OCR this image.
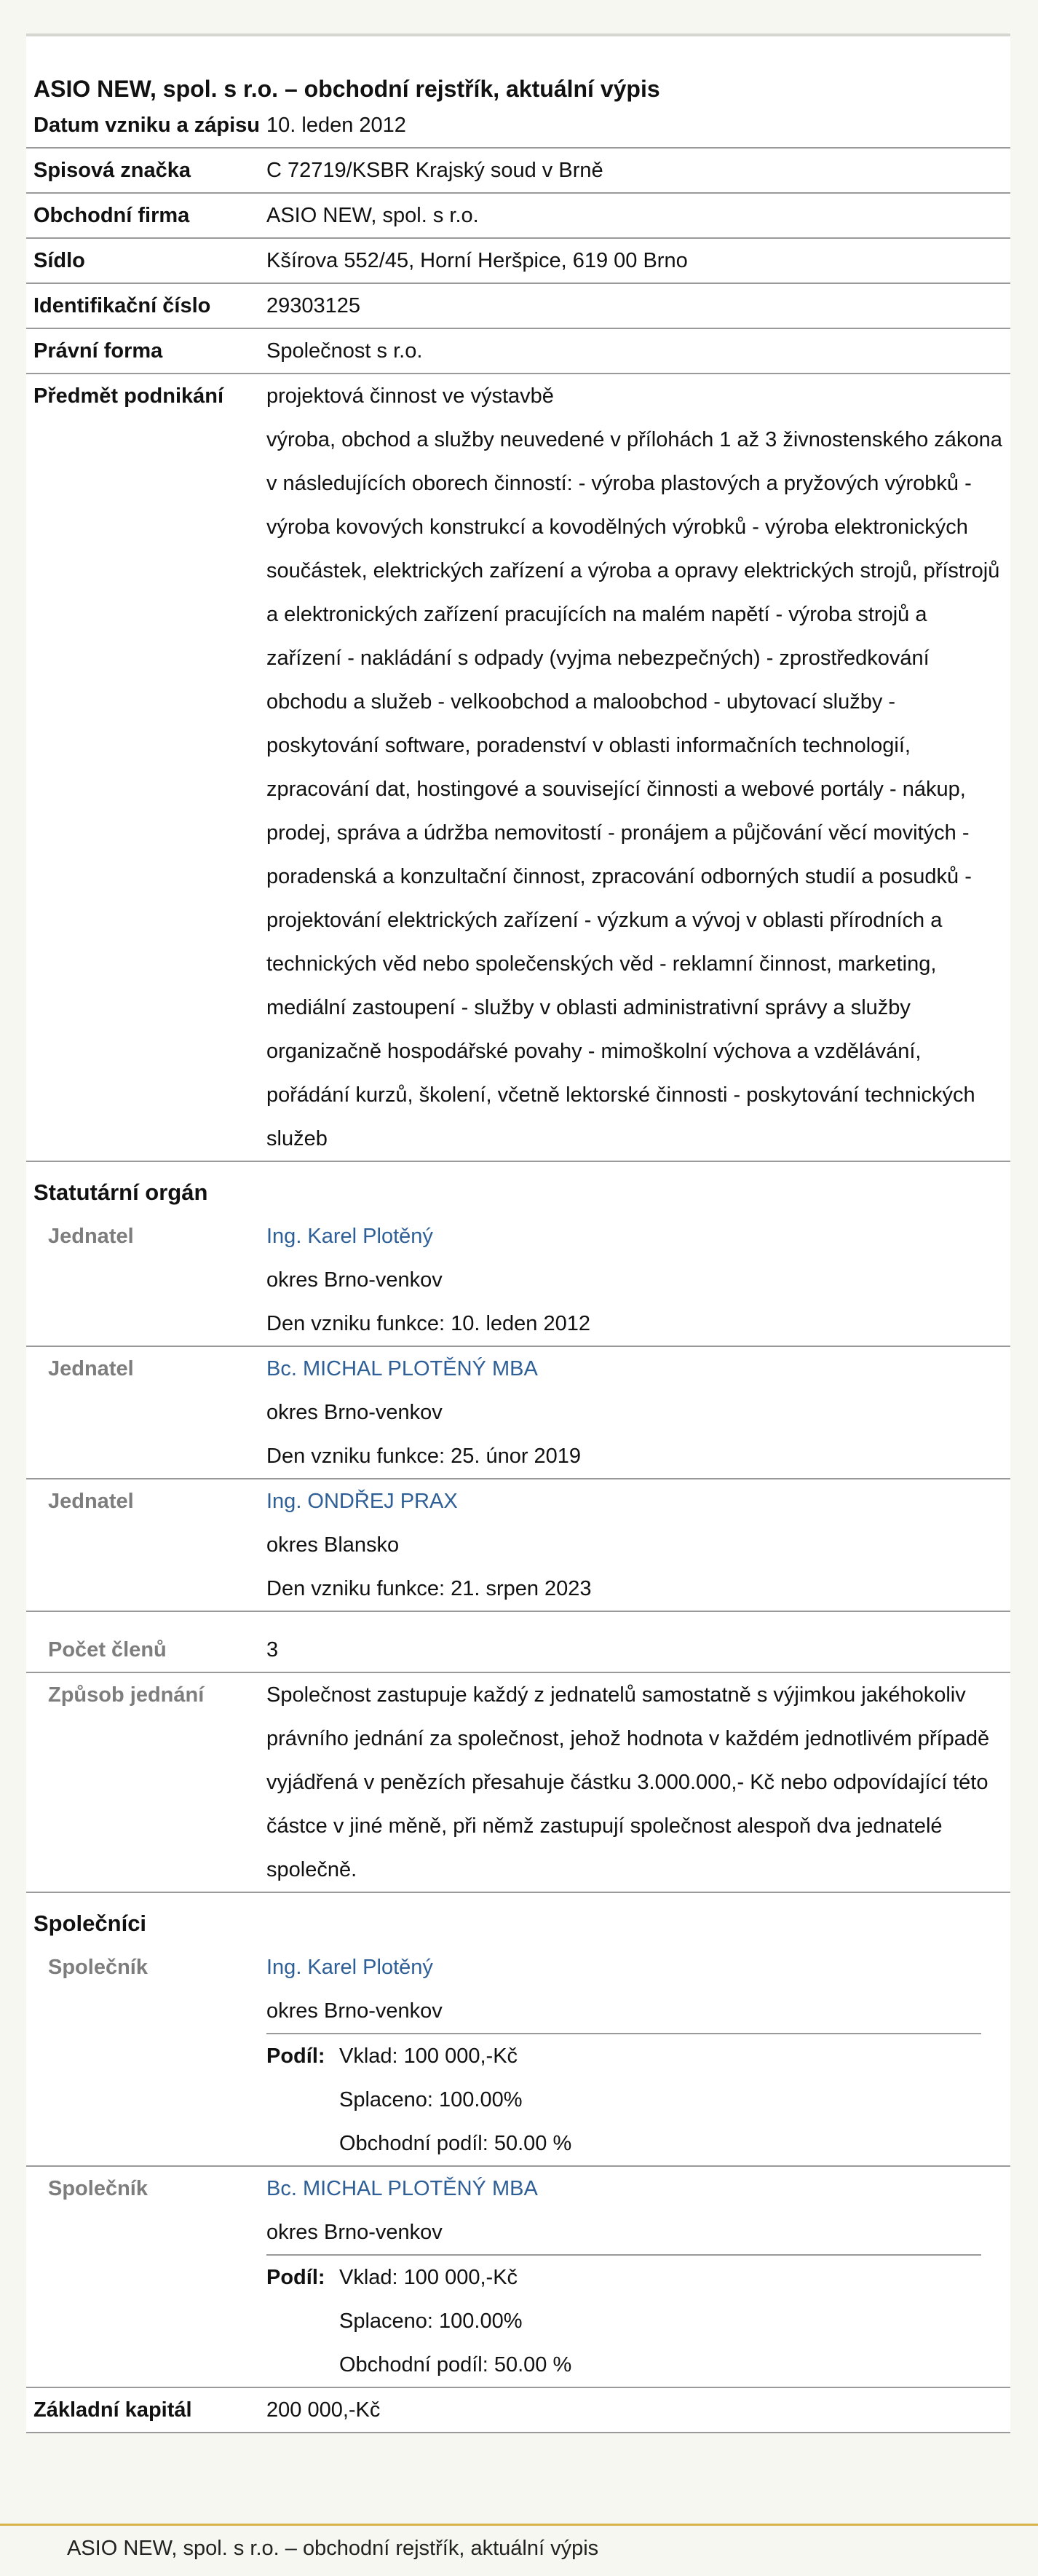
ASIO NEW, spol. s r.o. – obchodní rejstřík, aktuální výpis
Datum vzniku a zápisu 10. leden 2012
Spisová značka	C 72719/KSBR Krajský soud v Brně
Obchodní firma	ASIO NEW, spol. s r.o.
Sídlo	Kšírova 552/45, Horní Heršpice, 619 00 Brno
Identifikační číslo	29303125
Právní forma	Společnost s r.o.
Předmět podnikání	projektová činnost ve výstavbě
výroba, obchod a služby neuvedené v přílohách 1 až 3 živnostenského zákona v následujících oborech činností: - výroba plastových a pryžových výrobků - výroba kovových konstrukcí a kovodělných výrobků - výroba elektronických součástek, elektrických zařízení a výroba a opravy elektrických strojů, přístrojů a elektronických zařízení pracujících na malém napětí - výroba strojů a zařízení - nakládání s odpady (vyjma nebezpečných) - zprostředkování obchodu a služeb - velkoobchod a maloobchod - ubytovací služby - poskytování software, poradenství v oblasti informačních technologií, zpracování dat, hostingové a související činnosti a webové portály - nákup, prodej, správa a údržba nemovitostí - pronájem a půjčování věcí movitých - poradenská a konzultační činnost, zpracování odborných studií a posudků - projektování elektrických zařízení - výzkum a vývoj v oblasti přírodních a technických věd nebo společenských věd - reklamní činnost, marketing, mediální zastoupení - služby v oblasti administrativní správy a služby organizačně hospodářské povahy - mimoškolní výchova a vzdělávání, pořádání kurzů, školení, včetně lektorské činnosti - poskytování technických služeb
Statutární orgán
Jednatel	Ing. Karel Plotěný
okres Brno-venkov
Den vzniku funkce: 10. leden 2012
Jednatel	Bc. MICHAL PLOTĚNÝ MBA
okres Brno-venkov
Den vzniku funkce: 25. únor 2019
Jednatel	Ing. ONDŘEJ PRAX
okres Blansko
Den vzniku funkce: 21. srpen 2023
Počet členů	3
Způsob jednání	Společnost zastupuje každý z jednatelů samostatně s výjimkou jakéhokoliv právního jednání za společnost, jehož hodnota v každém jednotlivém případě vyjádřená v penězích přesahuje částku 3.000.000,- Kč nebo odpovídající této částce v jiné měně, při němž zastupují společnost alespoň dva jednatelé společně.
Společníci
Společník	Ing. Karel Plotěný
okres Brno-venkov
Podíl: Vklad: 100 000,-Kč
Splaceno: 100.00%
Obchodní podíl: 50.00 %
Společník	Bc. MICHAL PLOTĚNÝ MBA
okres Brno-venkov
Podíl: Vklad: 100 000,-Kč
Splaceno: 100.00%
Obchodní podíl: 50.00 %
Základní kapitál	200 000,-Kč
ASIO NEW, spol. s r.o. – obchodní rejstřík, aktuální výpis
